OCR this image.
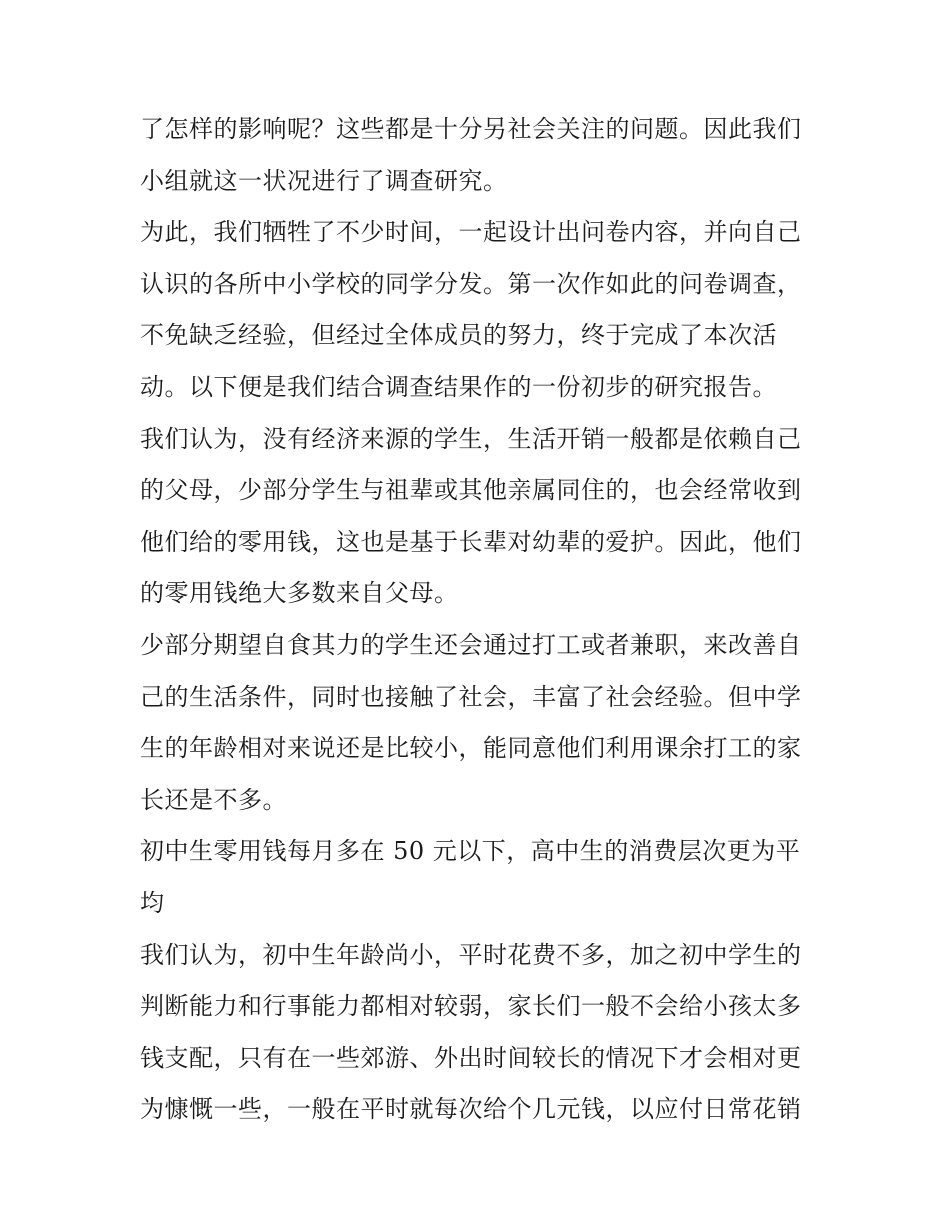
了怎样的影响呢？这些都是十分另社会关注的问题。因此我们
小组就这一状况进行了调查研究。
为此，我们牺牲了不少时间，一起设计出问卷内容，并向自己
认识的各所中小学校的同学分发。第一次作如此的问卷调查，
不免缺乏经验，但经过全体成员的努力，终于完成了本次活
动。以下便是我们结合调查结果作的一份初步的研究报告。
我们认为，没有经济来源的学生，生活开销一般都是依赖自己
的父母，少部分学生与祖辈或其他亲属同住的，也会经常收到
他们给的零用钱，这也是基于长辈对幼辈的爱护。因此，他们
的零用钱绝大多数来自父母。
少部分期望自食其力的学生还会通过打工或者兼职，来改善自
己的生活条件，同时也接触了社会，丰富了社会经验。但中学
生的年龄相对来说还是比较小，能同意他们利用课余打工的家
长还是不多。
初中生零用钱每月多在 50 元以下，高中生的消费层次更为平
均
我们认为，初中生年龄尚小，平时花费不多，加之初中学生的
判断能力和行事能力都相对较弱，家长们一般不会给小孩太多
钱支配，只有在一些郊游、外出时间较长的情况下才会相对更
为慷慨一些，一般在平时就每次给个几元钱，以应付日常花销
